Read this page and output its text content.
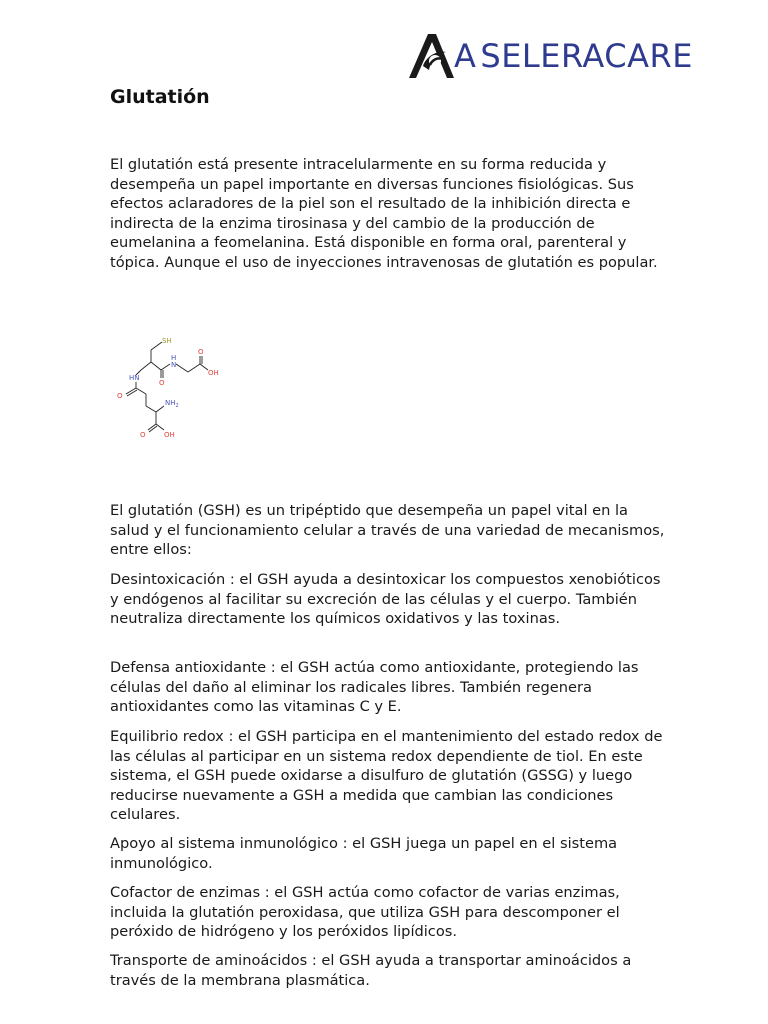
A SELERACARE
Glutatión

El glutatión está presente intracelularmente en su forma reducida y desempeña un papel importante en diversas funciones fisiológicas. Sus efectos aclaradores de la piel son el resultado de la inhibición directa e indirecta de la enzima tirosinasa y del cambio de la producción de eumelanina a feomelanina. Está disponible en forma oral, parenteral y tópica. Aunque el uso de inyecciones intravenosas de glutatión es popular.

SH
HN
H
N
O
O
O
OH
$NH_2$
O	OH

El glutatión (GSH) es un tripéptido que desempeña un papel vital en la salud y el funcionamiento celular a través de una variedad de mecanismos, entre ellos:

Desintoxicación : el GSH ayuda a desintoxicar los compuestos xenobióticos y endógenos al facilitar su excreción de las células y el cuerpo. También neutraliza directamente los químicos oxidativos y las toxinas.

Defensa antioxidante : el GSH actúa como antioxidante, protegiendo las células del daño al eliminar los radicales libres. También regenera antioxidantes como las vitaminas C y E.

Equilibrio redox : el GSH participa en el mantenimiento del estado redox de las células al participar en un sistema redox dependiente de tiol. En este sistema, el GSH puede oxidarse a disulfuro de glutatión (GSSG) y luego reducirse nuevamente a GSH a medida que cambian las condiciones celulares.

Apoyo al sistema inmunológico : el GSH juega un papel en el sistema inmunológico.

Cofactor de enzimas : el GSH actúa como cofactor de varias enzimas, incluida la glutatión peroxidasa, que utiliza GSH para descomponer el peróxido de hidrógeno y los peróxidos lipídicos.

Transporte de aminoácidos : el GSH ayuda a transportar aminoácidos a través de la membrana plasmática.
